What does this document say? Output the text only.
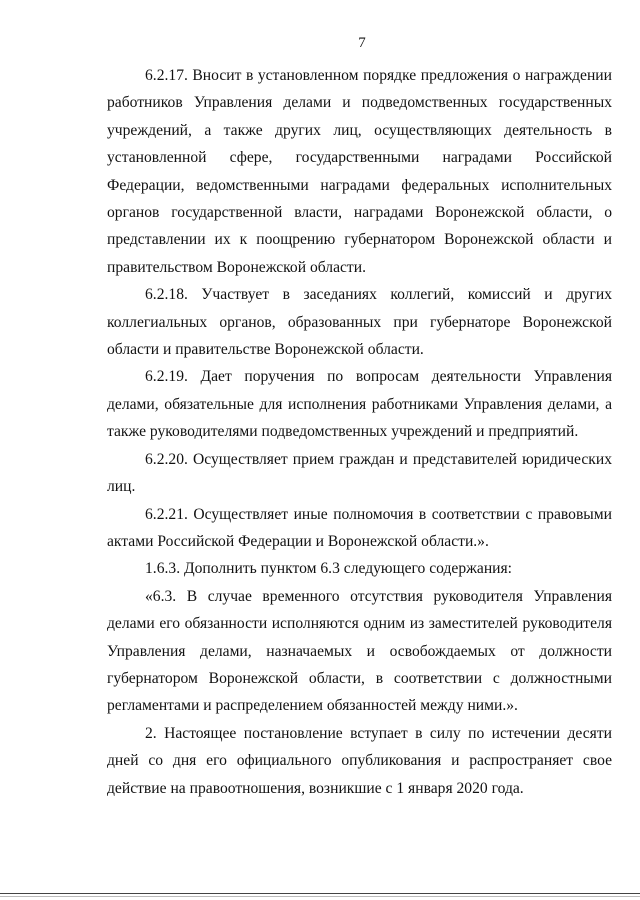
7

6.2.17. Вносит в установленном порядке предложения о награждении работников Управления делами и подведомственных государственных учреждений, а также других лиц, осуществляющих деятельность в установленной сфере, государственными наградами Российской Федерации, ведомственными наградами федеральных исполнительных органов государственной власти, наградами Воронежской области, о представлении их к поощрению губернатором Воронежской области и правительством Воронежской области.

6.2.18. Участвует в заседаниях коллегий, комиссий и других коллегиальных органов, образованных при губернаторе Воронежской области и правительстве Воронежской области.

6.2.19. Дает поручения по вопросам деятельности Управления делами, обязательные для исполнения работниками Управления делами, а также руководителями подведомственных учреждений и предприятий.

6.2.20. Осуществляет прием граждан и представителей юридических лиц.

6.2.21. Осуществляет иные полномочия в соответствии с правовыми актами Российской Федерации и Воронежской области.».

1.6.3. Дополнить пунктом 6.3 следующего содержания:

«6.3. В случае временного отсутствия руководителя Управления делами его обязанности исполняются одним из заместителей руководителя Управления делами, назначаемых и освобождаемых от должности губернатором Воронежской области, в соответствии с должностными регламентами и распределением обязанностей между ними.».

2. Настоящее постановление вступает в силу по истечении десяти дней со дня его официального опубликования и распространяет свое действие на правоотношения, возникшие с 1 января 2020 года.
